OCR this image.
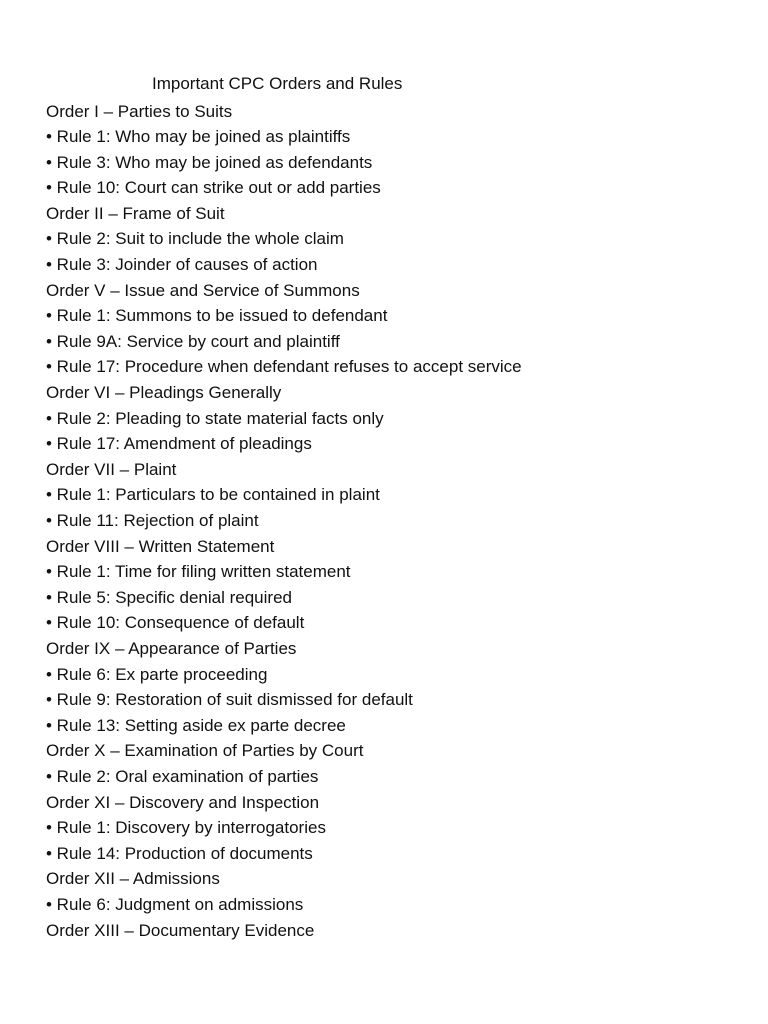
Important CPC Orders and Rules
Order I – Parties to Suits
• Rule 1: Who may be joined as plaintiffs
• Rule 3: Who may be joined as defendants
• Rule 10: Court can strike out or add parties
Order II – Frame of Suit
• Rule 2: Suit to include the whole claim
• Rule 3: Joinder of causes of action
Order V – Issue and Service of Summons
• Rule 1: Summons to be issued to defendant
• Rule 9A: Service by court and plaintiff
• Rule 17: Procedure when defendant refuses to accept service
Order VI – Pleadings Generally
• Rule 2: Pleading to state material facts only
• Rule 17: Amendment of pleadings
Order VII – Plaint
• Rule 1: Particulars to be contained in plaint
• Rule 11: Rejection of plaint
Order VIII – Written Statement
• Rule 1: Time for filing written statement
• Rule 5: Specific denial required
• Rule 10: Consequence of default
Order IX – Appearance of Parties
• Rule 6: Ex parte proceeding
• Rule 9: Restoration of suit dismissed for default
• Rule 13: Setting aside ex parte decree
Order X – Examination of Parties by Court
• Rule 2: Oral examination of parties
Order XI – Discovery and Inspection
• Rule 1: Discovery by interrogatories
• Rule 14: Production of documents
Order XII – Admissions
• Rule 6: Judgment on admissions
Order XIII – Documentary Evidence
